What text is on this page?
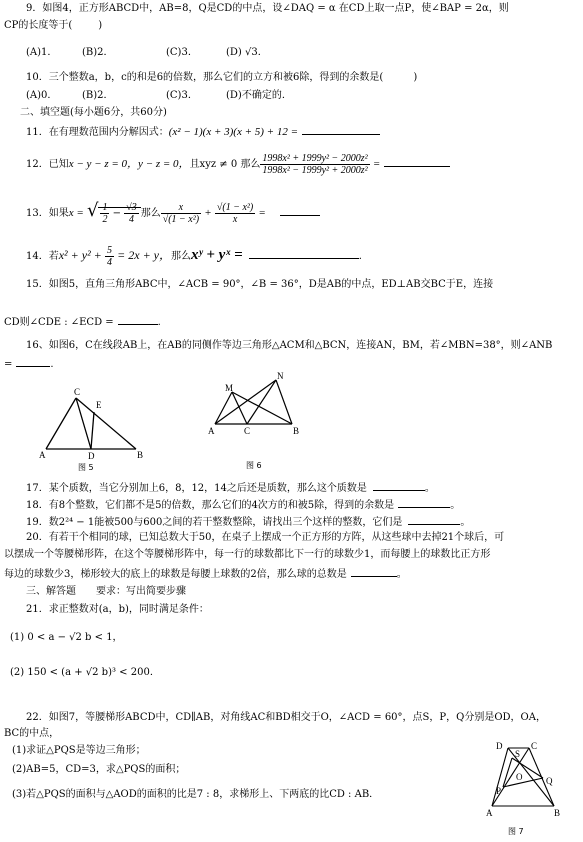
9．如图4，正方形ABCD中，AB=8，Q是CD的中点，设∠DAQ = α 在CD上取一点P，使∠BAP = 2α，则
CP的长度等于(	)
(A)1． (B)2．	(C)3．	(D) √3．
10．三个整数a，b，c的和是6的倍数，那么它们的立方和被6除，得到的余数是(	)
(A)0． (B)2．	(C)3．	(D)不确定的．
二、填空题(每小题6分，共60分)
11．在有理数范围内分解因式：(x² − 1)(x + 3)(x + 5) + 12 =
12．已知x − y − z = 0，y − z = 0，且xyz ≠ 0 那么 $\frac{\text{1998x² + 1999y² − 2000z²}}{\text{1998x² − 1999y² + 2000z²}}$ =
13．如果x = √ $\frac{1}{2} - \frac{√3}{4}$ 那么 $\frac{x}{\text{√(1 − x²)}} + \frac{\text{√(1 − x²)}}{x}$ =
14．若$x^2 + y^2 + \frac{5}{4} = 2x + y$，那么xʸ + yˣ =	.
15．如图5，直角三角形ABC中，∠ACB = 90°，∠B = 36°，D是AB的中点，ED⊥AB交BC于E，连接
CD则∠CDE : ∠ECD =	.
16、如图6，C在线段AB上，在AB的同侧作等边三角形△ACM和△BCN，连接AN，BM，若∠MBN=38°，则∠ANB
=	.
A	B
C
D
E
图 5
A	B
C
M
N
图 6
17．某个质数，当它分别加上6，8，12，14之后还是质数，那么这个质数是	。
18．有8个整数，它们都不是5的倍数，那么它们的4次方的和被5除，得到的余数是	。
19．数2²⁴ − 1能被500与600之间的若干整数整除，请找出三个这样的整数，它们是	。
20．有若干个相同的球，已知总数大于50，在桌子上摆成一个正方形的方阵，从这些球中去掉21个球后，可
以摆成一个等腰梯形阵，在这个等腰梯形阵中，每一行的球数都比下一行的球数少1，而每腰上的球数比正方形
每边的球数少3，梯形较大的底上的球数是每腰上球数的2倍，那么球的总数是	。
三、解答题　　要求：写出简要步骤
21．求正整数对(a，b)，同时满足条件：
(1) 0 < a − √2 b < 1，
(2) 150 < (a + √2 b)³ < 200．
22．如图7，等腰梯形ABCD中，CD∥AB，对角线AC和BD相交于O，∠ACD = 60°，点S，P，Q分别是OD，OA，
BC的中点，
(1)求证△PQS是等边三角形；
(2)AB=5，CD=3，求△PQS的面积；
(3)若△PQS的面积与△AOD的面积的比是7 : 8，求梯形上、下两底的比CD : AB．
D	C
A	B
O
P
Q
S
图 7
